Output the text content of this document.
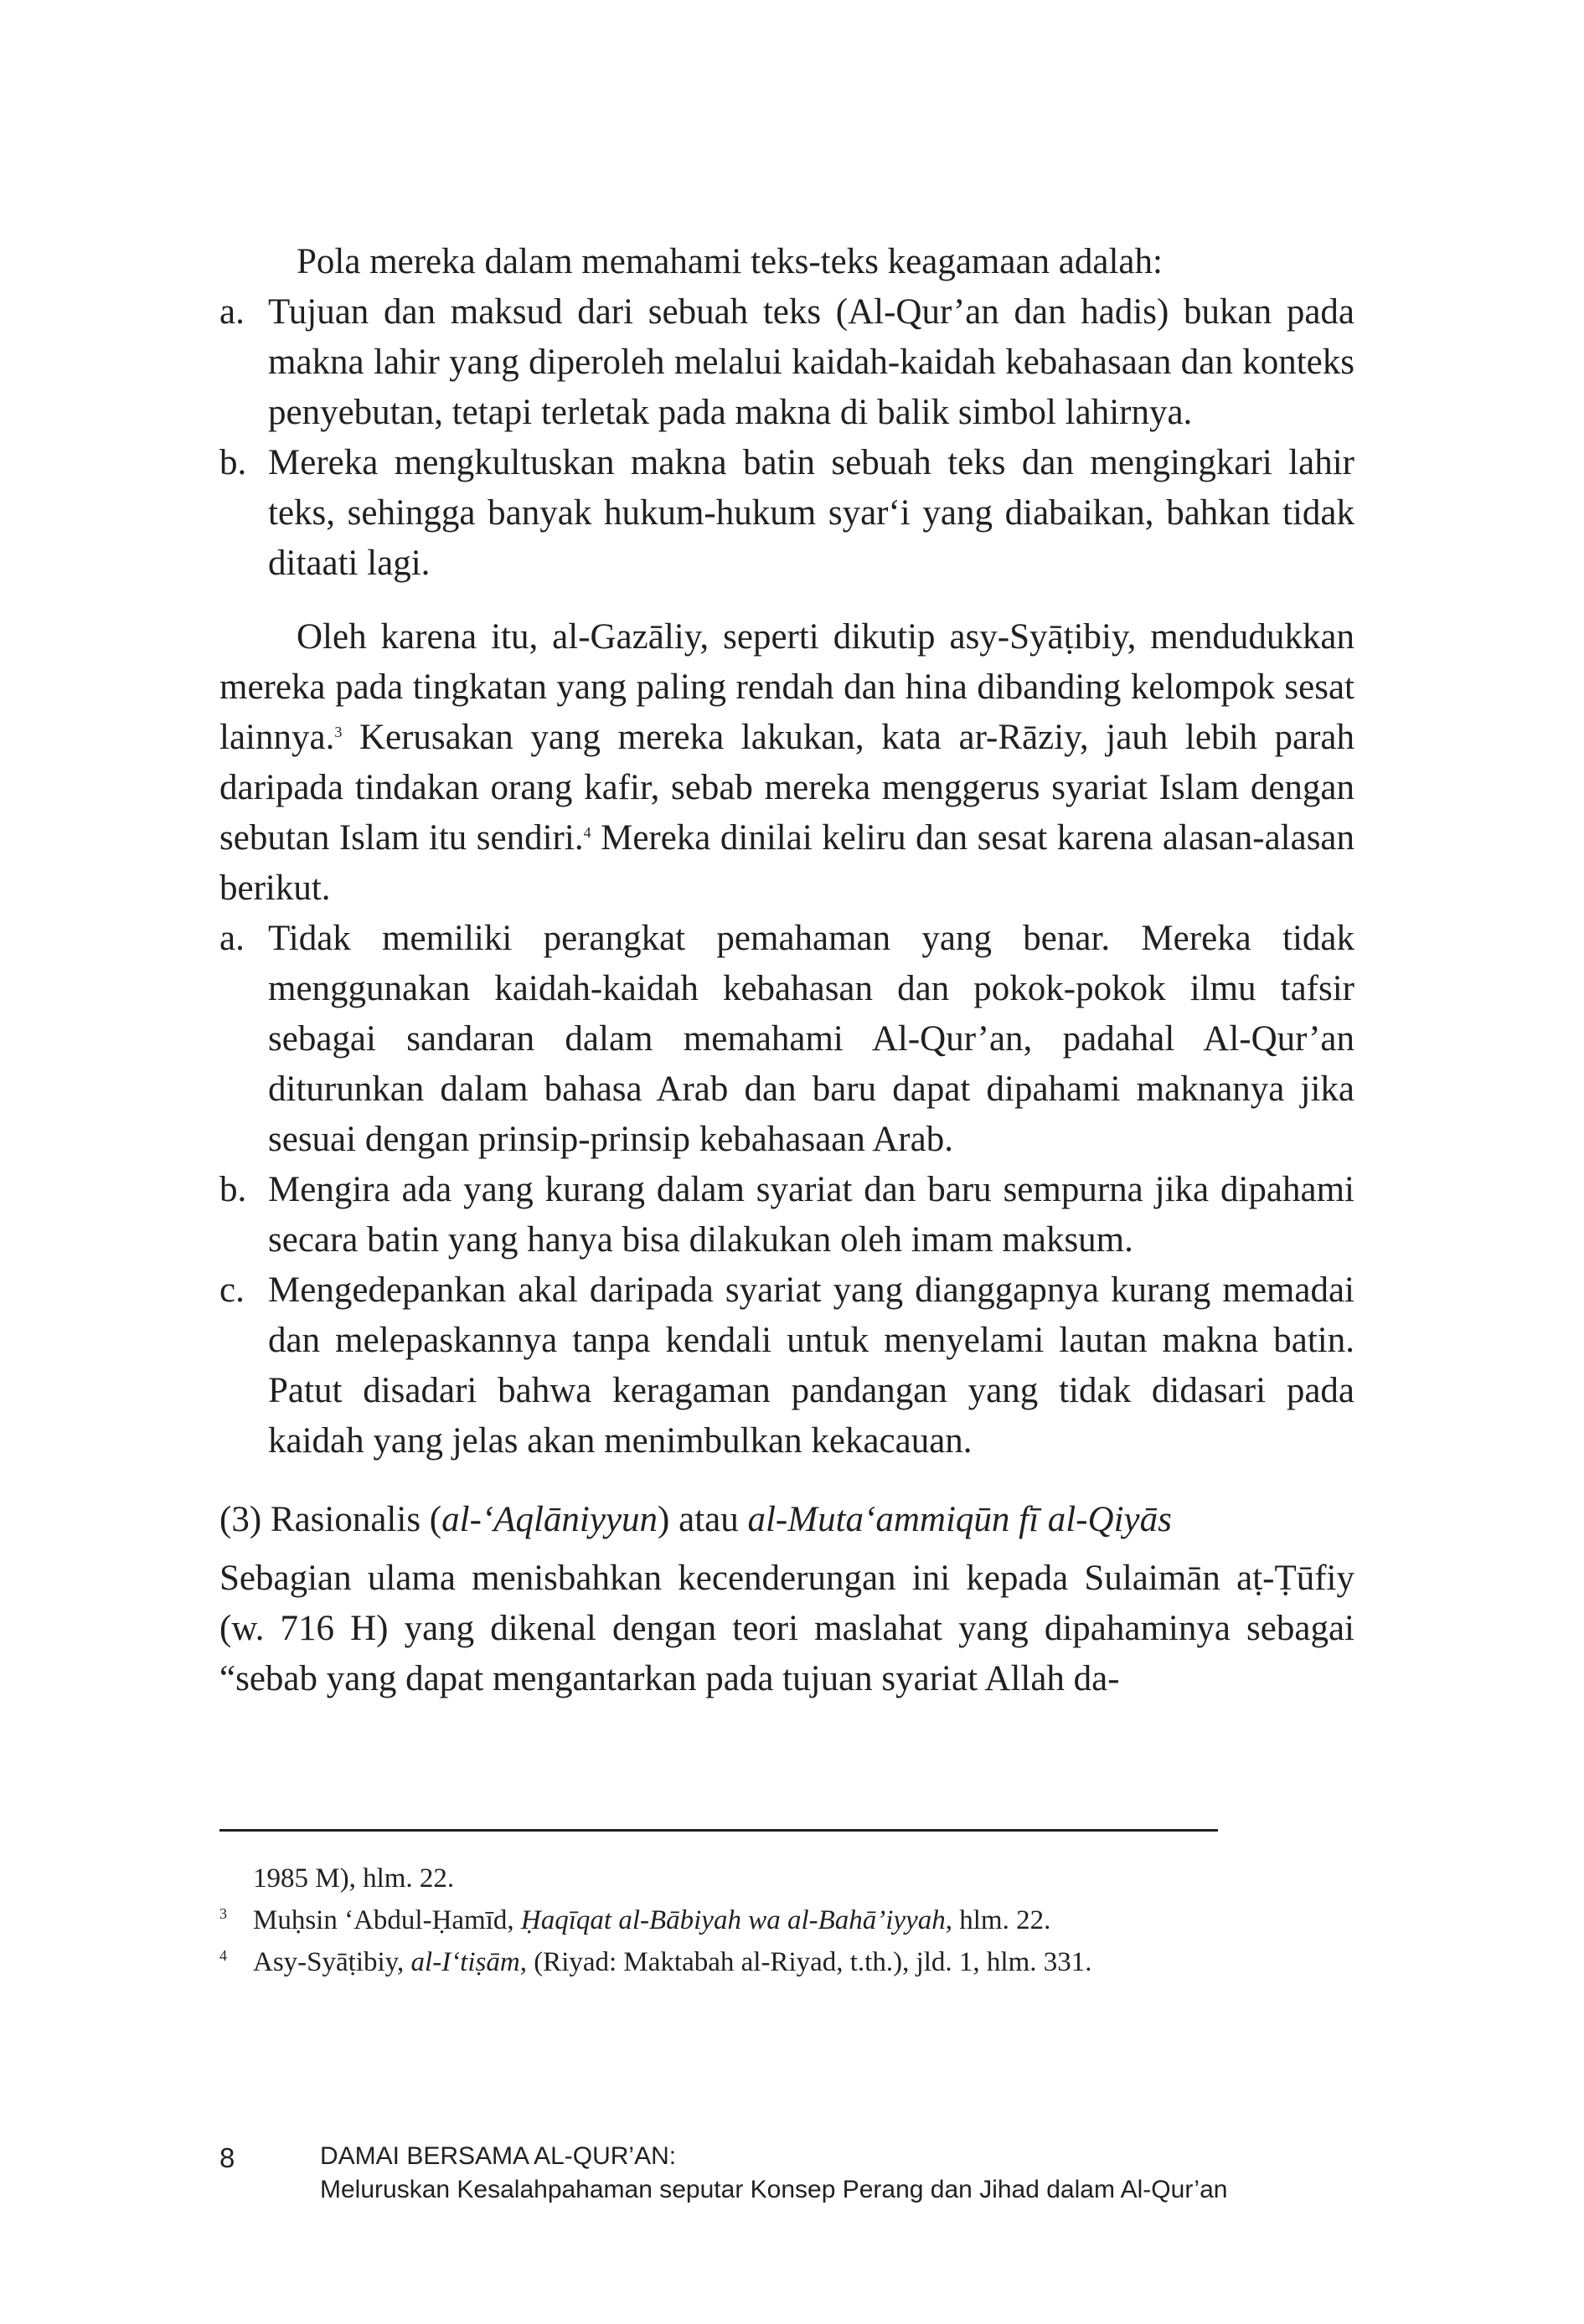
Pola mereka dalam memahami teks-teks keagamaan adalah:

a. Tujuan dan maksud dari sebuah teks (Al-Qur’an dan hadis) bukan pada makna lahir yang diperoleh melalui kaidah-kaidah kebahasaan dan konteks penyebutan, tetapi terletak pada makna di balik simbol lahirnya.
b. Mereka mengkultuskan makna batin sebuah teks dan mengingkari lahir teks, sehingga banyak hukum-hukum syar‘i yang diabaikan, bahkan tidak ditaati lagi.

Oleh karena itu, al-Gazāliy, seperti dikutip asy-Syāṭibiy, mendudukkan mereka pada tingkatan yang paling rendah dan hina dibanding kelompok sesat lainnya.$^3$ Kerusakan yang mereka lakukan, kata ar-Rāziy, jauh lebih parah daripada tindakan orang kafir, sebab mereka menggerus syariat Islam dengan sebutan Islam itu sendiri.$^4$ Mereka dinilai keliru dan sesat karena alasan-alasan berikut.

a. Tidak memiliki perangkat pemahaman yang benar. Mereka tidak menggunakan kaidah-kaidah kebahasan dan pokok-pokok ilmu tafsir sebagai sandaran dalam memahami Al-Qur’an, padahal Al-Qur’an diturunkan dalam bahasa Arab dan baru dapat dipahami maknanya jika sesuai dengan prinsip-prinsip kebahasaan Arab.
b. Mengira ada yang kurang dalam syariat dan baru sempurna jika dipahami secara batin yang hanya bisa dilakukan oleh imam maksum.
c. Mengedepankan akal daripada syariat yang dianggapnya kurang memadai dan melepaskannya tanpa kendali untuk menyelami lautan makna batin. Patut disadari bahwa keragaman pandangan yang tidak didasari pada kaidah yang jelas akan menimbulkan kekacauan.

(3) Rasionalis (al-‘Aqlāniyyun) atau al-Muta‘ammiqūn fī al-Qiyās

Sebagian ulama menisbahkan kecenderungan ini kepada Sulaimān aṭ-Ṭūfiy (w. 716 H) yang dikenal dengan teori maslahat yang dipahaminya sebagai “sebab yang dapat mengantarkan pada tujuan syariat Allah da-

1985 M), hlm. 22.
3 Muḥsin ‘Abdul-Ḥamīd, Ḥaqīqat al-Bābiyah wa al-Bahā’iyyah, hlm. 22.
4 Asy-Syāṭibiy, al-I‘tiṣām, (Riyad: Maktabah al-Riyad, t.th.), jld. 1, hlm. 331.
8	DAMAI BERSAMA AL-QUR’AN:
Meluruskan Kesalahpahaman seputar Konsep Perang dan Jihad dalam Al-Qur’an
